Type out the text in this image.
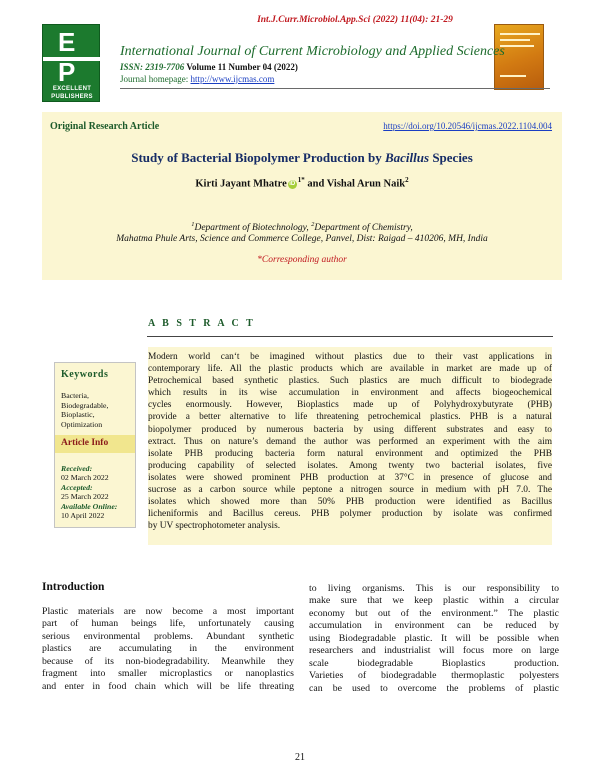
Int.J.Curr.Microbiol.App.Sci (2022) 11(04): 21-29
E
P
EXCELLENT
PUBLISHERS
International Journal of Current Microbiology and Applied Sciences
ISSN: 2319-7706 Volume 11 Number 04 (2022)
Journal homepage: http://www.ijcmas.com
Original Research Article	https://doi.org/10.20546/ijcmas.2022.1104.004
Study of Bacterial Biopolymer Production by Bacillus Species
Kirti Jayant Mhatre iD $^{1*}$ and Vishal Arun Naik$^2$
$^1$Department of Biotechnology, $^2$Department of Chemistry,
Mahatma Phule Arts, Science and Commerce College, Panvel, Dist: Raigad – 410206, MH, India
*Corresponding author
A B S T R A C T
Modern world can‘t be imagined without plastics due to their vast applications in
contemporary life. All the plastic products which are available in market are made up of
Petrochemical based synthetic plastics. Such plastics are much difficult to biodegrade
which results in its wise accumulation in environment and affects biogeochemical
cycles enormously. However, Bioplastics made up of Polyhydroxybutyrate (PHB)
provide a better alternative to life threatening petrochemical plastics. PHB is a natural
biopolymer produced by numerous bacteria by using different substrates and easy to
extract. Thus on nature’s demand the author was performed an experiment with the aim
isolate PHB producing bacteria form natural environment and optimized the PHB
producing capability of selected isolates. Among twenty two bacterial isolates, five
isolates were showed prominent PHB production at 37°C in presence of glucose and
sucrose as a carbon source while peptone a nitrogen source in medium with pH 7.0. The
isolates which showed more than 50% PHB production were identified as Bacillus
licheniformis and Bacillus cereus. PHB polymer production by isolate was confirmed
by UV spectrophotometer analysis.
Keywords
Bacteria,
Biodegradable,
Bioplastic,
Optimization
Article Info
Received:
02 March 2022
Accepted:
25 March 2022
Available Online:
10 April 2022
Introduction
Plastic materials are now become a most important
part of human beings life, unfortunately causing
serious environmental problems. Abundant synthetic
plastics are accumulating in the environment
because of its non-biodegradability. Meanwhile they
fragment into smaller microplastics or nanoplastics
and enter in food chain which will be life threating
to living organisms. This is our responsibility to
make sure that we keep plastic within a circular
economy but out of the environment.” The plastic
accumulation in environment can be reduced by
using Biodegradable plastic. It will be possible when
researchers and industrialist will focus more on large
scale biodegradable Bioplastics production.
Varieties of biodegradable thermoplastic polyesters
can be used to overcome the problems of plastic
21
